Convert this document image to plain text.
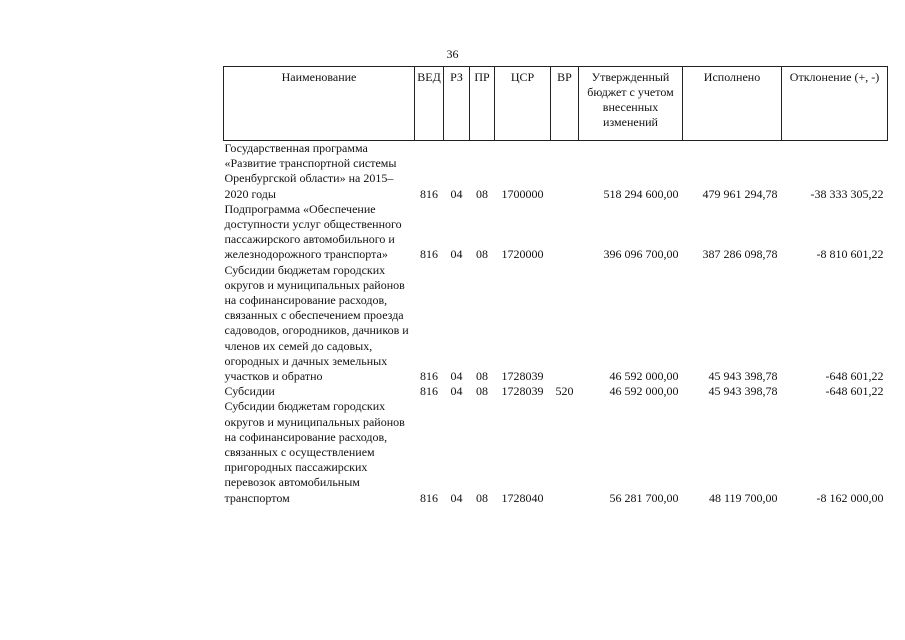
36
Наименование	ВЕД	РЗ	ПР	ЦСР	ВР	Утвержденный бюджет с учетом внесенных изменений	Исполнено	Отклонение (+, -)
Государственная программа «Развитие транспортной системы Оренбургской области» на 2015–2020 годы	816	04	08	1700000		518 294 600,00	479 961 294,78	-38 333 305,22
Подпрограмма «Обеспечение доступности услуг общественного пассажирского автомобильного и железнодорожного транспорта»	816	04	08	1720000		396 096 700,00	387 286 098,78	-8 810 601,22
Субсидии бюджетам городских округов и муниципальных районов на софинансирование расходов, связанных с обеспечением проезда садоводов, огородников, дачников и членов их семей до садовых, огородных и дачных земельных участков и обратно	816	04	08	1728039		46 592 000,00	45 943 398,78	-648 601,22
Субсидии	816	04	08	1728039	520	46 592 000,00	45 943 398,78	-648 601,22
Субсидии бюджетам городских округов и муниципальных районов на софинансирование расходов, связанных с осуществлением пригородных пассажирских перевозок автомобильным транспортом	816	04	08	1728040		56 281 700,00	48 119 700,00	-8 162 000,00
